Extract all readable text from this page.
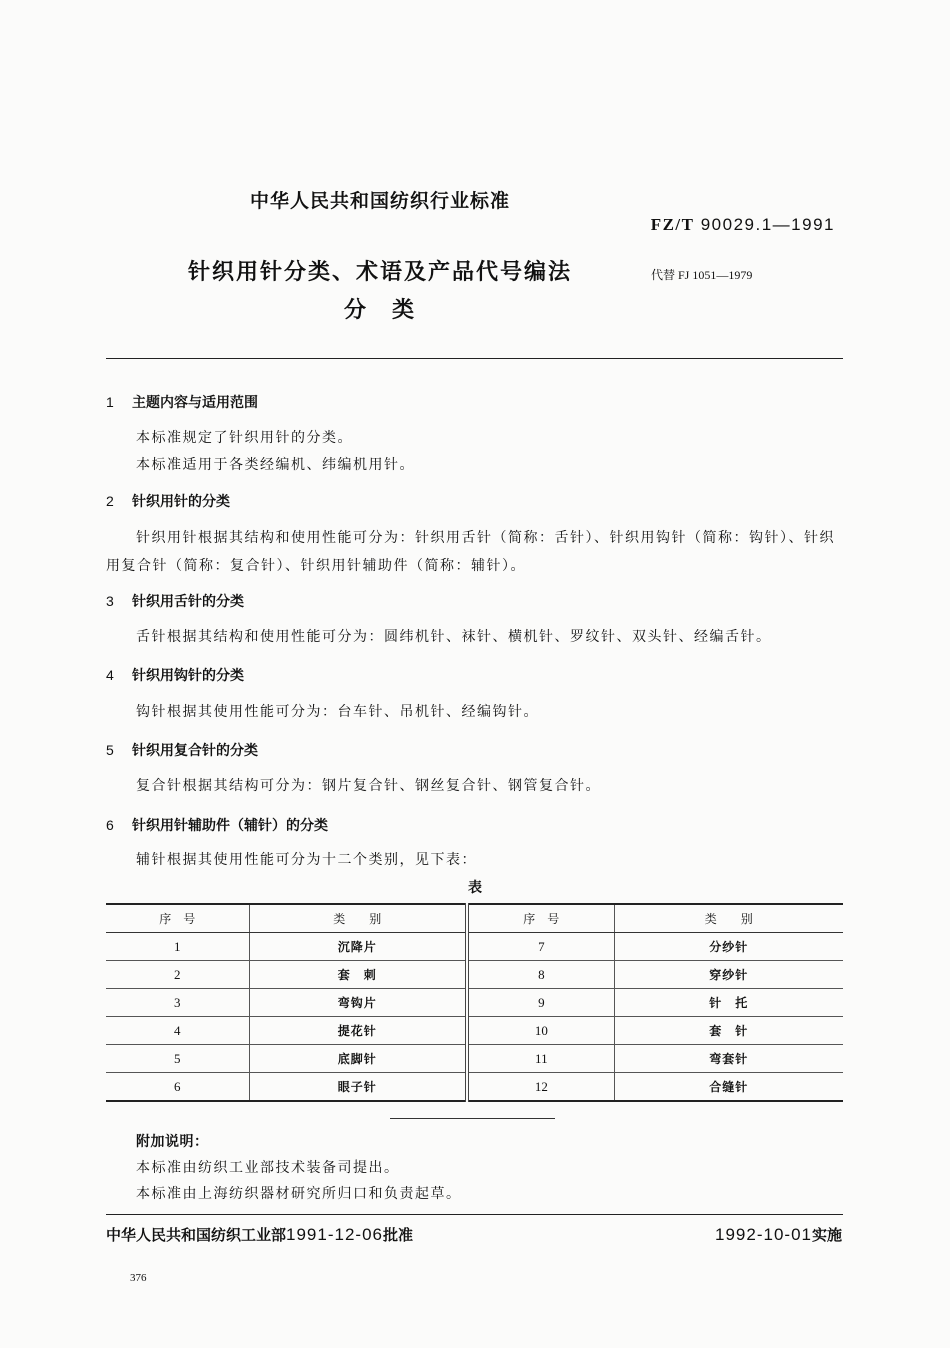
中华人民共和国纺织行业标准
FZ/T 90029.1—1991
针织用针分类、术语及产品代号编法
分　类
代替 FJ 1051—1979
1 主题内容与适用范围
本标准规定了针织用针的分类。
本标准适用于各类经编机、纬编机用针。
2 针织用针的分类
针织用针根据其结构和使用性能可分为：针织用舌针（简称：舌针）、针织用钩针（简称：钩针）、针织用复合针（简称：复合针）、针织用针辅助件（简称：辅针）。
3 针织用舌针的分类
舌针根据其结构和使用性能可分为：圆纬机针、袜针、横机针、罗纹针、双头针、经编舌针。
4 针织用钩针的分类
钩针根据其使用性能可分为：台车针、吊机针、经编钩针。
5 针织用复合针的分类
复合针根据其结构可分为：钢片复合针、钢丝复合针、钢管复合针。
6 针织用针辅助件（辅针）的分类
辅针根据其使用性能可分为十二个类别，见下表：
表
序　号	类　　别	序　号	类　　别
1	沉降片	7	分纱针
2	套　刺	8	穿纱针
3	弯钩片	9	针　托
4	提花针	10	套　针
5	底脚针	11	弯套针
6	眼子针	12	合缝针
附加说明：
本标准由纺织工业部技术装备司提出。
本标准由上海纺织器材研究所归口和负责起草。
中华人民共和国纺织工业部1991-12-06批准	1992-10-01实施
376
